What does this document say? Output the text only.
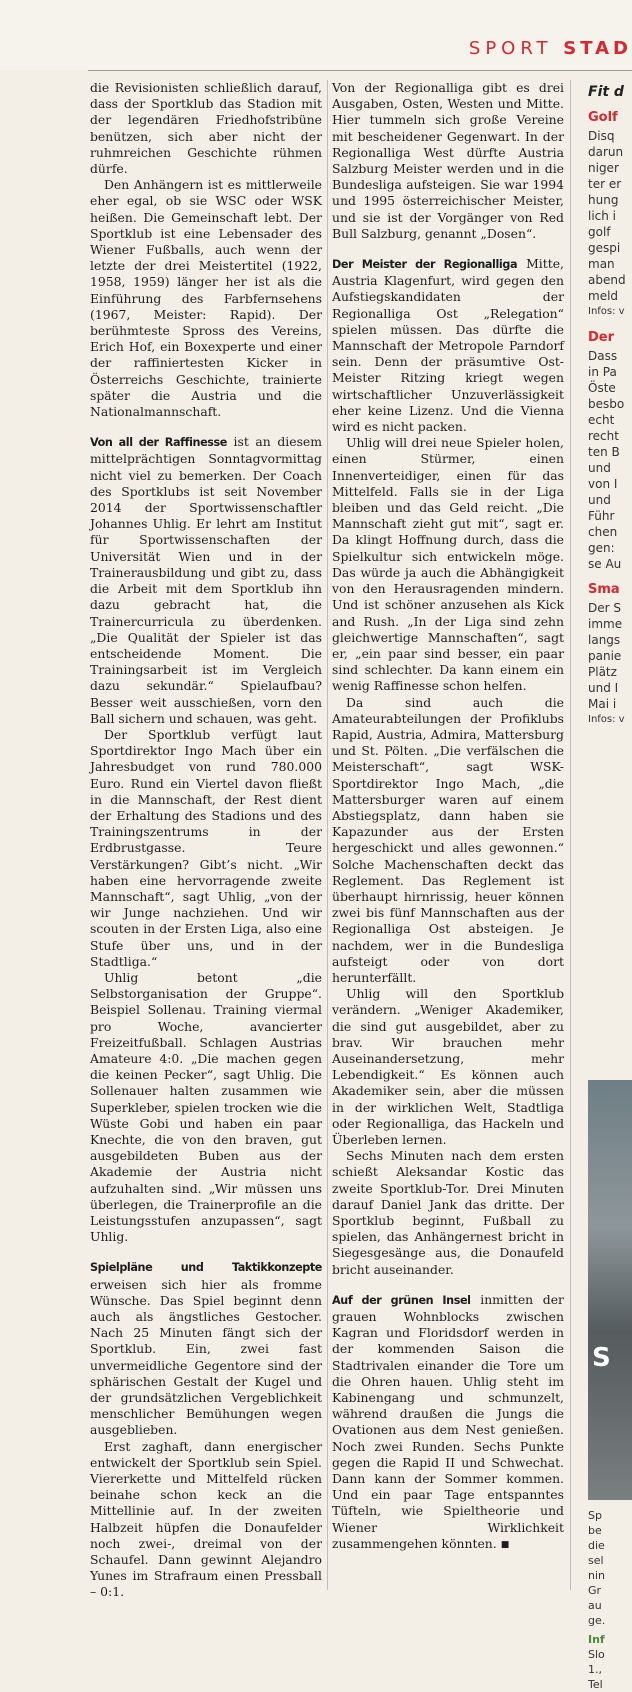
SPORT STAD

die Revisionisten schließlich darauf, dass der Sportklub das Stadion mit der legendären Friedhofstribüne benützen, sich aber nicht der ruhmreichen Geschichte rühmen dürfe.

Den Anhängern ist es mittlerweile eher egal, ob sie WSC oder WSK heißen. Die Gemeinschaft lebt. Der Sportklub ist eine Lebensader des Wiener Fußballs, auch wenn der letzte der drei Meistertitel (1922, 1958, 1959) länger her ist als die Einführung des Farbfernsehens (1967, Meister: Rapid). Der berühmteste Spross des Vereins, Erich Hof, ein Boxexperte und einer der raffiniertesten Kicker in Österreichs Geschichte, trainierte später die Austria und die Nationalmannschaft.

Von all der Raffinesse ist an diesem mittelprächtigen Sonntagvormittag nicht viel zu bemerken. Der Coach des Sportklubs ist seit November 2014 der Sportwissenschaftler Johannes Uhlig. Er lehrt am Institut für Sportwissenschaften der Universität Wien und in der Trainerausbildung und gibt zu, dass die Arbeit mit dem Sportklub ihn dazu gebracht hat, die Trainercurricula zu überdenken. „Die Qualität der Spieler ist das entscheidende Moment. Die Trainingsarbeit ist im Vergleich dazu sekundär.“ Spielaufbau? Besser weit ausschießen, vorn den Ball sichern und schauen, was geht.

Der Sportklub verfügt laut Sportdirektor Ingo Mach über ein Jahresbudget von rund 780.000 Euro. Rund ein Viertel davon fließt in die Mannschaft, der Rest dient der Erhaltung des Stadions und des Trainingszentrums in der Erdbrustgasse. Teure Verstärkungen? Gibt’s nicht. „Wir haben eine hervorragende zweite Mannschaft“, sagt Uhlig, „von der wir Junge nachziehen. Und wir scouten in der Ersten Liga, also eine Stufe über uns, und in der Stadtliga.“

Uhlig betont „die Selbstorganisation der Gruppe“. Beispiel Sollenau. Training viermal pro Woche, avancierter Freizeitfußball. Schlagen Austrias Amateure 4:0. „Die machen gegen die keinen Pecker“, sagt Uhlig. Die Sollenauer halten zusammen wie Superkleber, spielen trocken wie die Wüste Gobi und haben ein paar Knechte, die von den braven, gut ausgebildeten Buben aus der Akademie der Austria nicht aufzuhalten sind. „Wir müssen uns überlegen, die Trainerprofile an die Leistungsstufen anzupassen“, sagt Uhlig.

Spielpläne und Taktikkonzepte erweisen sich hier als fromme Wünsche. Das Spiel beginnt denn auch als ängstliches Gestocher. Nach 25 Minuten fängt sich der Sportklub. Ein, zwei fast unvermeidliche Gegentore sind der sphärischen Gestalt der Kugel und der grundsätzlichen Vergeblichkeit menschlicher Bemühungen wegen ausgeblieben.

Erst zaghaft, dann energischer entwickelt der Sportklub sein Spiel. Viererkette und Mittelfeld rücken beinahe schon keck an die Mittellinie auf. In der zweiten Halbzeit hüpfen die Donaufelder noch zwei-, dreimal von der Schaufel. Dann gewinnt Alejandro Yunes im Strafraum einen Pressball – 0:1.

Von der Regionalliga gibt es drei Ausgaben, Osten, Westen und Mitte. Hier tummeln sich große Vereine mit bescheidener Gegenwart. In der Regionalliga West dürfte Austria Salzburg Meister werden und in die Bundesliga aufsteigen. Sie war 1994 und 1995 österreichischer Meister, und sie ist der Vorgänger von Red Bull Salzburg, genannt „Dosen“.

Der Meister der Regionalliga Mitte, Austria Klagenfurt, wird gegen den Aufstiegskandidaten der Regionalliga Ost „Relegation“ spielen müssen. Das dürfte die Mannschaft der Metropole Parndorf sein. Denn der präsumtive Ost-Meister Ritzing kriegt wegen wirtschaftlicher Unzuverlässigkeit eher keine Lizenz. Und die Vienna wird es nicht packen.

Uhlig will drei neue Spieler holen, einen Stürmer, einen Innenverteidiger, einen für das Mittelfeld. Falls sie in der Liga bleiben und das Geld reicht. „Die Mannschaft zieht gut mit“, sagt er. Da klingt Hoffnung durch, dass die Spielkultur sich entwickeln möge. Das würde ja auch die Abhängigkeit von den Herausragenden mindern. Und ist schöner anzusehen als Kick and Rush. „In der Liga sind zehn gleichwertige Mannschaften“, sagt er, „ein paar sind besser, ein paar sind schlechter. Da kann einem ein wenig Raffinesse schon helfen.

Da sind auch die Amateurabteilungen der Profiklubs Rapid, Austria, Admira, Mattersburg und St. Pölten. „Die verfälschen die Meisterschaft“, sagt WSK-Sportdirektor Ingo Mach, „die Mattersburger waren auf einem Abstiegsplatz, dann haben sie Kapazunder aus der Ersten hergeschickt und alles gewonnen.“ Solche Machenschaften deckt das Reglement. Das Reglement ist überhaupt hirnrissig, heuer können zwei bis fünf Mannschaften aus der Regionalliga Ost absteigen. Je nachdem, wer in die Bundesliga aufsteigt oder von dort herunterfällt.

Uhlig will den Sportklub verändern. „Weniger Akademiker, die sind gut ausgebildet, aber zu brav. Wir brauchen mehr Auseinandersetzung, mehr Lebendigkeit.“ Es können auch Akademiker sein, aber die müssen in der wirklichen Welt, Stadtliga oder Regionalliga, das Hackeln und Überleben lernen.

Sechs Minuten nach dem ersten schießt Aleksandar Kostic das zweite Sportklub-Tor. Drei Minuten darauf Daniel Jank das dritte. Der Sportklub beginnt, Fußball zu spielen, das Anhängernest bricht in Siegesgesänge aus, die Donaufeld bricht auseinander.

Auf der grünen Insel inmitten der grauen Wohnblocks zwischen Kagran und Floridsdorf werden in der kommenden Saison die Stadtrivalen einander die Tore um die Ohren hauen. Uhlig steht im Kabinengang und schmunzelt, während draußen die Jungs die Ovationen aus dem Nest genießen. Noch zwei Runden. Sechs Punkte gegen die Rapid II und Schwechat. Dann kann der Sommer kommen. Und ein paar Tage entspanntes Tüfteln, wie Spieltheorie und Wiener Wirklichkeit zusammengehen könnten. ■

Fit d
Golf
Disq
darun
niger
ter er
hung
lich i
golf
gespi
man
abend
meld
Infos: v
Der
Dass
in Pa
Öste
besbo
echt
recht
ten B
und
von I
und
Führ
chen
gen:
se Au
Sma
Der S
imme
langs
panie
Plätz
und I
Mai i
Infos: v
S
Sp
be
die
sel
nin
Gr
au
ge.
Inf
Slo
1.,
Tel
